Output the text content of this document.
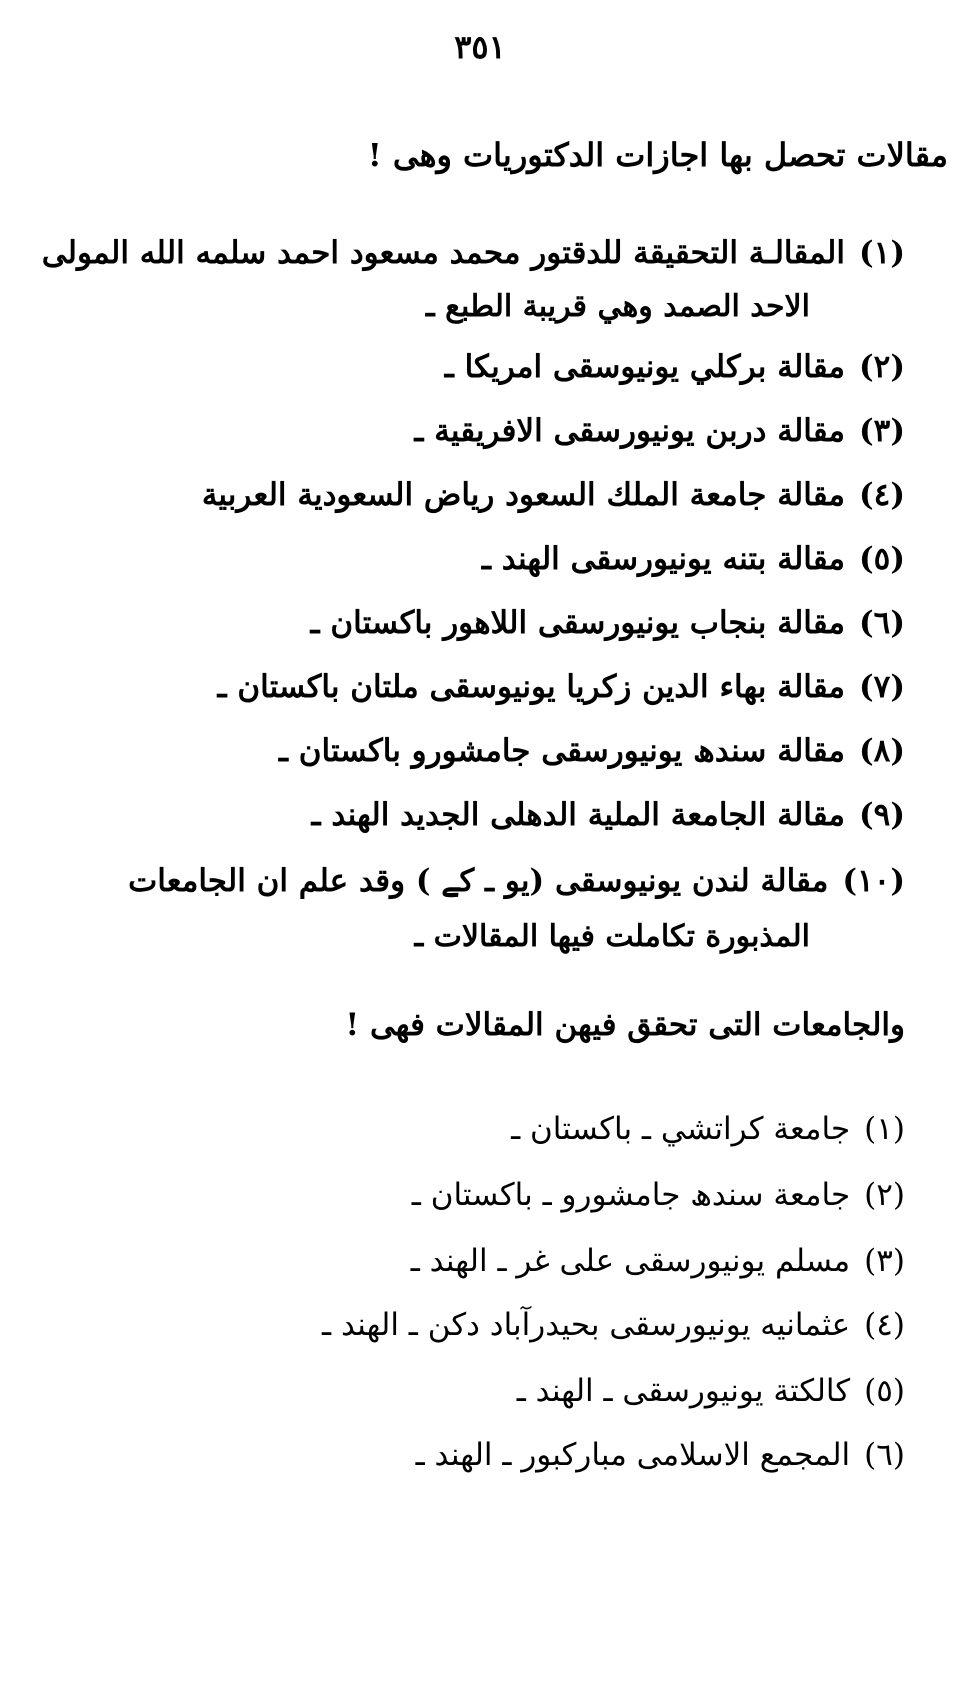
٣٥١
مقالات تحصل بها اجازات الدكتوريات وهى !
(١)المقالـة التحقيقة للدقتور محمد مسعود احمد سلمه الله المولى
الاحد الصمد وهي قريبة الطبع ـ
(٢)مقالة بركلي يونيوسقى امريكا ـ
(٣)مقالة دربن يونيورسقى الافريقية ـ
(٤)مقالة جامعة الملك السعود رياض السعودية العربية
(٥)مقالة بتنه يونيورسقى الهند ـ
(٦)مقالة بنجاب يونيورسقى اللاهور باكستان ـ
(٧)مقالة بهاء الدين زكريا يونيوسقى ملتان باكستان ـ
(٨)مقالة سندھ يونيورسقى جامشورو باكستان ـ
(٩)مقالة الجامعة الملية الدهلى الجديد الهند ـ
(١٠)مقالة لندن يونيوسقى (يو ـ كے ) وقد علم ان الجامعات
المذبورة تكاملت فيها المقالات ـ
والجامعات التى تحقق فيهن المقالات فهى !
(١)جامعة كراتشي ـ باكستان ـ
(٢)جامعة سندھ جامشورو ـ باكستان ـ
(٣)مسلم يونيورسقى على غر ـ الهند ـ
(٤)عثمانيه يونيورسقى بحيدرآباد دكن ـ الهند ـ
(٥)كالكتة يونيورسقى ـ الهند ـ
(٦)المجمع الاسلامى مباركبور ـ الهند ـ
